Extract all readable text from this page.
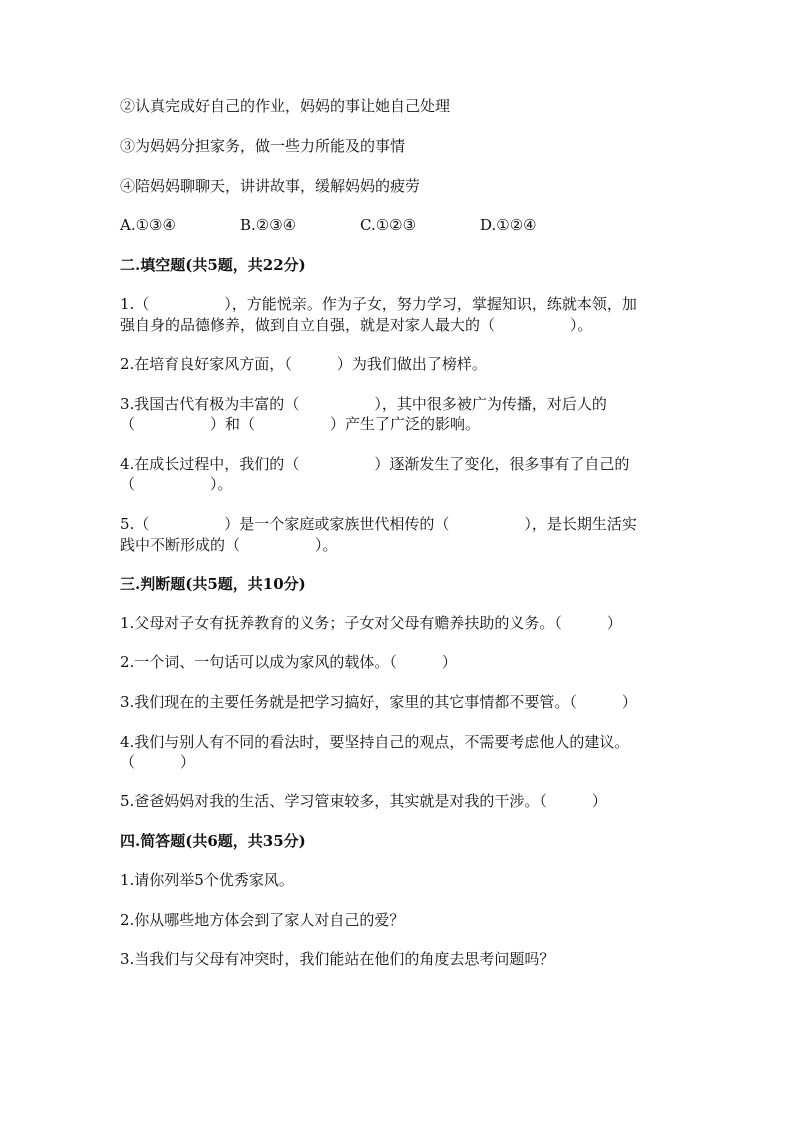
②认真完成好自己的作业，妈妈的事让她自己处理
③为妈妈分担家务，做一些力所能及的事情
④陪妈妈聊聊天，讲讲故事，缓解妈妈的疲劳
A.①③④	B.②③④	C.①②③	D.①②④
二.填空题(共5题，共22分)
1.（　　　　　），方能悦亲。作为子女，努力学习，掌握知识，练就本领，加
强自身的品德修养，做到自立自强，就是对家人最大的（　　　　　）。
2.在培育良好家风方面，（　　　）为我们做出了榜样。
3.我国古代有极为丰富的（　　　　　），其中很多被广为传播，对后人的
（　　　　　）和（　　　　　）产生了广泛的影响。
4.在成长过程中，我们的（　　　　　）逐渐发生了变化，很多事有了自己的
（　　　　　）。
5.（　　　　　）是一个家庭或家族世代相传的（　　　　　），是长期生活实
践中不断形成的（　　　　　）。
三.判断题(共5题，共10分)
1.父母对子女有抚养教育的义务；子女对父母有赡养扶助的义务。（　　　）
2.一个词、一句话可以成为家风的载体。（　　　）
3.我们现在的主要任务就是把学习搞好，家里的其它事情都不要管。（　　　）
4.我们与别人有不同的看法时，要坚持自己的观点，不需要考虑他人的建议。
（　　　）
5.爸爸妈妈对我的生活、学习管束较多，其实就是对我的干涉。（　　　）
四.简答题(共6题，共35分)
1.请你列举5个优秀家风。
2.你从哪些地方体会到了家人对自己的爱？
3.当我们与父母有冲突时，我们能站在他们的角度去思考问题吗？
